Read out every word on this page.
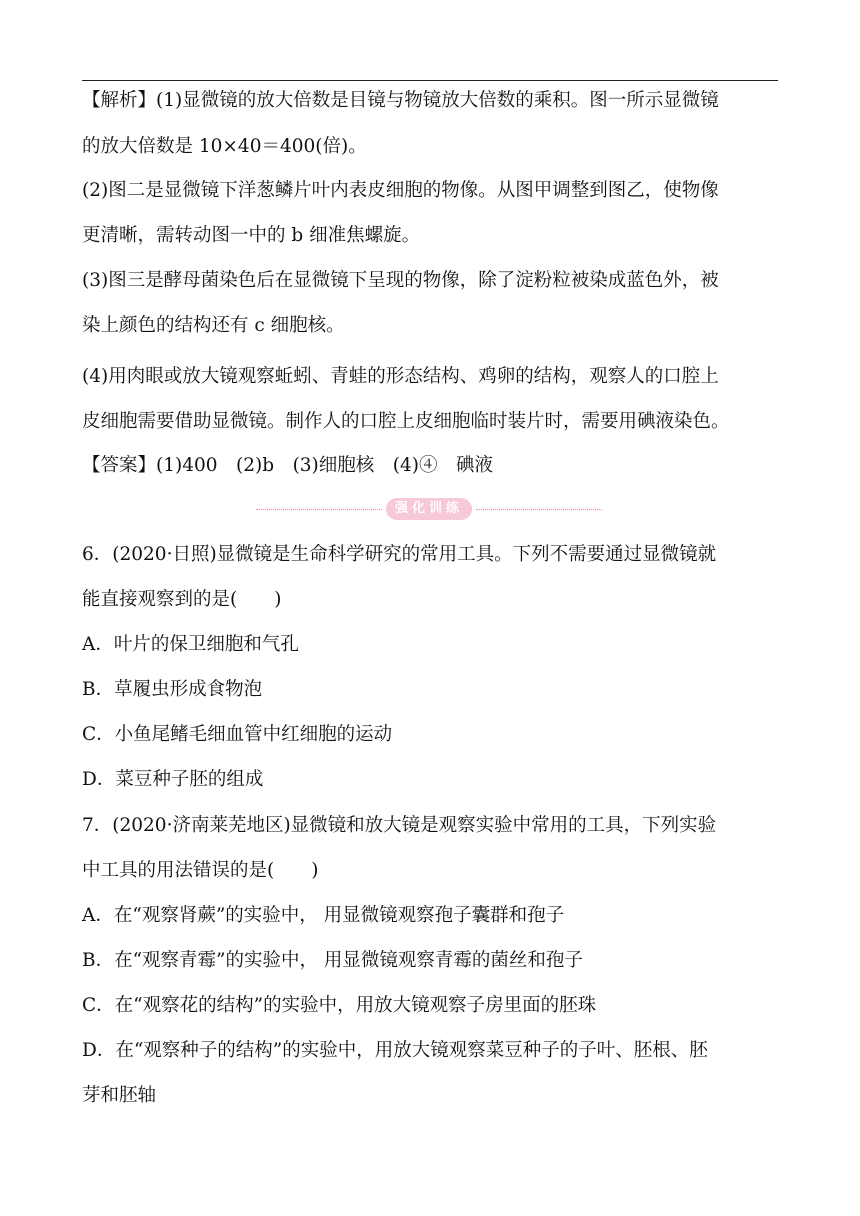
【解析】(1)显微镜的放大倍数是目镜与物镜放大倍数的乘积。图一所示显微镜
的放大倍数是 10×40＝400(倍)。
(2)图二是显微镜下洋葱鳞片叶内表皮细胞的物像。从图甲调整到图乙，使物像
更清晰，需转动图一中的 b 细准焦螺旋。
(3)图三是酵母菌染色后在显微镜下呈现的物像，除了淀粉粒被染成蓝色外，被
染上颜色的结构还有 c 细胞核。
(4)用肉眼或放大镜观察蚯蚓、青蛙的形态结构、鸡卵的结构，观察人的口腔上
皮细胞需要借助显微镜。制作人的口腔上皮细胞临时装片时，需要用碘液染色。
【答案】(1)400　(2)b　(3)细胞核　(4)④　碘液
强化训练
6．(2020·日照)显微镜是生命科学研究的常用工具。下列不需要通过显微镜就
能直接观察到的是(　　)
A．叶片的保卫细胞和气孔
B．草履虫形成食物泡
C．小鱼尾鳍毛细血管中红细胞的运动
D．菜豆种子胚的组成
7．(2020·济南莱芜地区)显微镜和放大镜是观察实验中常用的工具，下列实验
中工具的用法错误的是(　　)
A．在“观察肾蕨”的实验中， 用显微镜观察孢子囊群和孢子
B．在“观察青霉”的实验中， 用显微镜观察青霉的菌丝和孢子
C．在“观察花的结构”的实验中，用放大镜观察子房里面的胚珠
D．在“观察种子的结构”的实验中，用放大镜观察菜豆种子的子叶、胚根、胚
芽和胚轴
